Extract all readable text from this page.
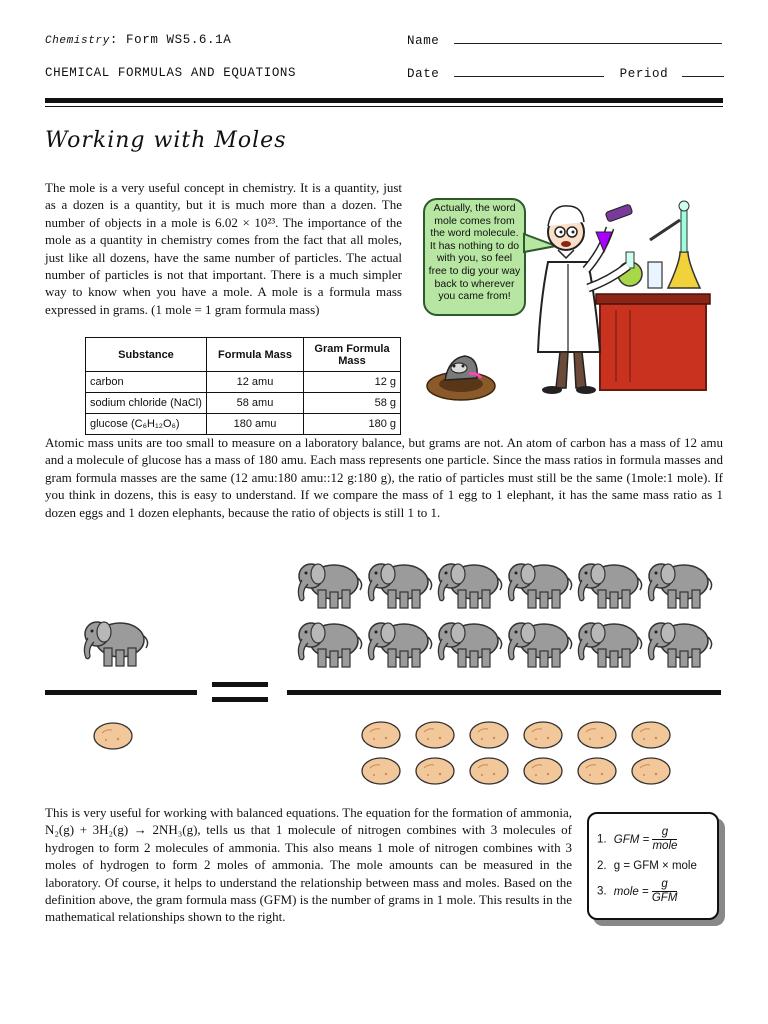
Chemistry: Form WS5.6.1A	Name
CHEMICAL FORMULAS AND EQUATIONS	Date	Period
Working with Moles
The mole is a very useful concept in chemistry. It is a quantity, just as a dozen is a quantity, but it is much more than a dozen. The number of objects in a mole is 6.02 × 10²³. The importance of the mole as a quantity in chemistry comes from the fact that all moles, just like all dozens, have the same number of particles. The actual number of particles is not that important. There is a much simpler way to know when you have a mole. A mole is a formula mass expressed in grams. (1 mole = 1 gram formula mass)
Actually, the word mole comes from the word molecule. It has nothing to do with you, so feel free to dig your way back to wherever you came from!
Substance	Formula Mass	Gram Formula Mass
carbon	12 amu	12 g
sodium chloride (NaCl)	58 amu	58 g
glucose (C₆H₁₂O₆)	180 amu	180 g
Atomic mass units are too small to measure on a laboratory balance, but grams are not. An atom of carbon has a mass of 12 amu and a molecule of glucose has a mass of 180 amu. Each mass represents one particle. Since the mass ratios in formula masses and gram formula masses are the same (12 amu:180 amu::12 g:180 g), the ratio of particles must still be the same (1mole:1 mole). If you think in dozens, this is easy to understand. If we compare the mass of 1 egg to 1 elephant, it has the same mass ratio as 1 dozen eggs and 1 dozen elephants, because the ratio of objects is still 1 to 1.
This is very useful for working with balanced equations. The equation for the formation of ammonia, N₂(g) + 3H₂(g) → 2NH₃(g), tells us that 1 molecule of nitrogen combines with 3 molecules of hydrogen to form 2 molecules of ammonia. This also means 1 mole of nitrogen combines with 3 moles of hydrogen to form 2 moles of ammonia. The mole amounts can be measured in the laboratory. Of course, it helps to understand the relationship between mass and moles. Based on the definition above, the gram formula mass (GFM) is the number of grams in 1 mole. This results in the mathematical relationships shown to the right.
1. GFM = $\frac{g}{\text{mole}}$
2. g = GFM × mole
3. mole = $\frac{g}{\text{GFM}}$
